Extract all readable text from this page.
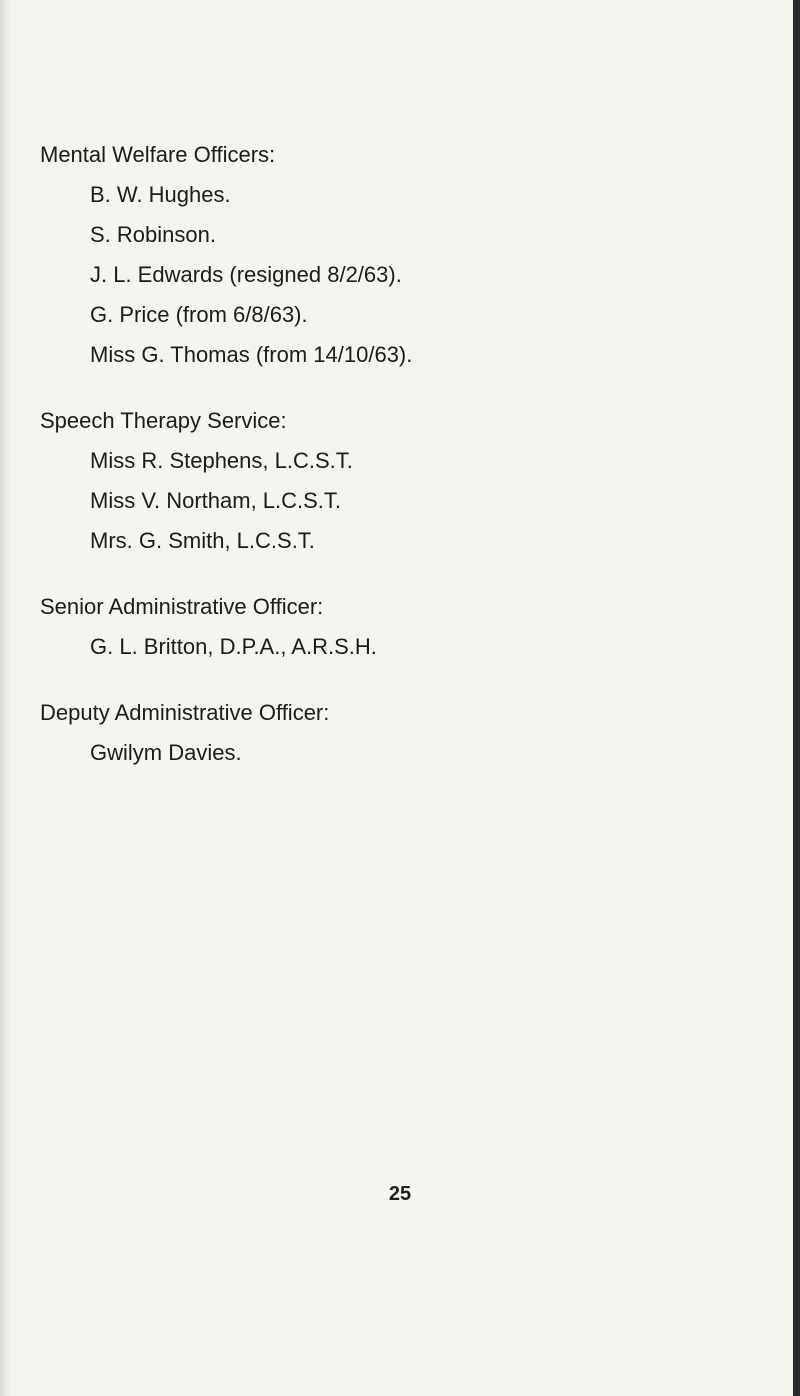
Mental Welfare Officers:
B. W. Hughes.
S. Robinson.
J. L. Edwards (resigned 8/2/63).
G. Price (from 6/8/63).
Miss G. Thomas (from 14/10/63).
Speech Therapy Service:
Miss R. Stephens, L.C.S.T.
Miss V. Northam, L.C.S.T.
Mrs. G. Smith, L.C.S.T.
Senior Administrative Officer:
G. L. Britton, D.P.A., A.R.S.H.
Deputy Administrative Officer:
Gwilym Davies.
25
